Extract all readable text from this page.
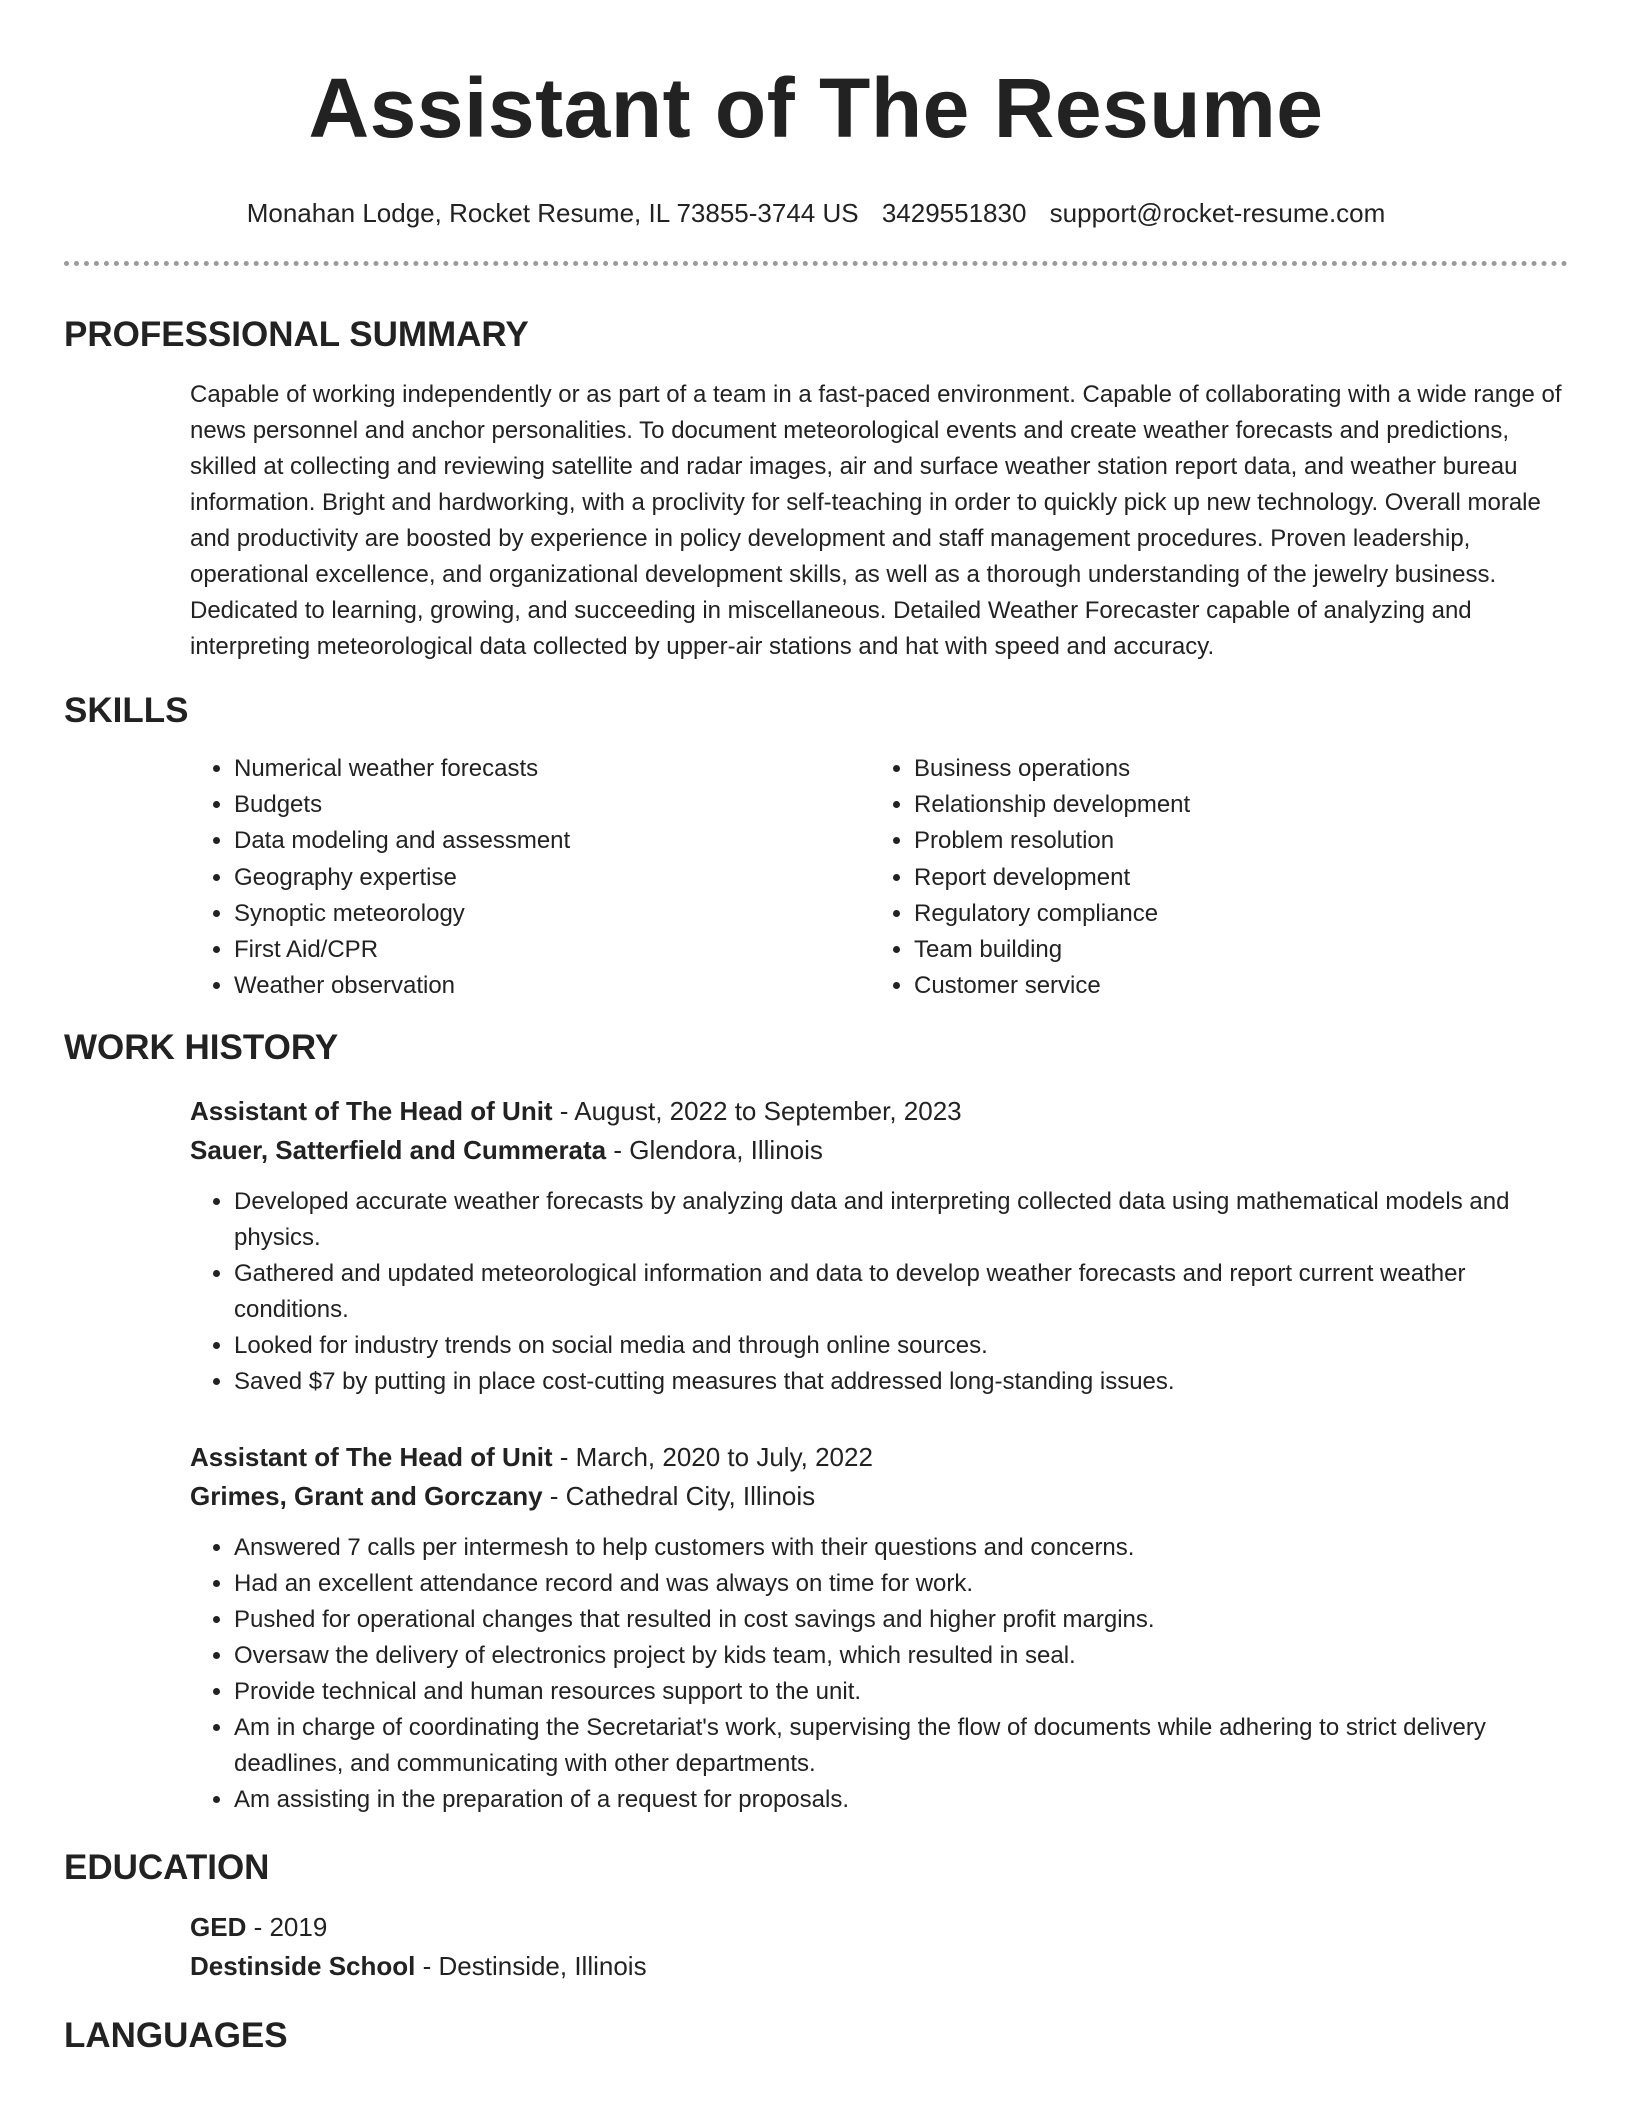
Assistant of The Resume
Monahan Lodge, Rocket Resume, IL 73855-3744 US 3429551830 support@rocket-resume.com
PROFESSIONAL SUMMARY

Capable of working independently or as part of a team in a fast-paced environment. Capable of collaborating with a wide range of news personnel and anchor personalities. To document meteorological events and create weather forecasts and predictions, skilled at collecting and reviewing satellite and radar images, air and surface weather station report data, and weather bureau information. Bright and hardworking, with a proclivity for self-teaching in order to quickly pick up new technology. Overall morale and productivity are boosted by experience in policy development and staff management procedures. Proven leadership, operational excellence, and organizational development skills, as well as a thorough understanding of the jewelry business. Dedicated to learning, growing, and succeeding in miscellaneous. Detailed Weather Forecaster capable of analyzing and interpreting meteorological data collected by upper-air stations and hat with speed and accuracy.

SKILLS
• Numerical weather forecasts
• Budgets
• Data modeling and assessment
• Geography expertise
• Synoptic meteorology
• First Aid/CPR
• Weather observation
• Business operations
• Relationship development
• Problem resolution
• Report development
• Regulatory compliance
• Team building
• Customer service
WORK HISTORY
Assistant of The Head of Unit - August, 2022 to September, 2023
Sauer, Satterfield and Cummerata - Glendora, Illinois
• Developed accurate weather forecasts by analyzing data and interpreting collected data using mathematical models and physics.
• Gathered and updated meteorological information and data to develop weather forecasts and report current weather conditions.
• Looked for industry trends on social media and through online sources.
• Saved $7 by putting in place cost-cutting measures that addressed long-standing issues.
Assistant of The Head of Unit - March, 2020 to July, 2022
Grimes, Grant and Gorczany - Cathedral City, Illinois
• Answered 7 calls per intermesh to help customers with their questions and concerns.
• Had an excellent attendance record and was always on time for work.
• Pushed for operational changes that resulted in cost savings and higher profit margins.
• Oversaw the delivery of electronics project by kids team, which resulted in seal.
• Provide technical and human resources support to the unit.
• Am in charge of coordinating the Secretariat's work, supervising the flow of documents while adhering to strict delivery deadlines, and communicating with other departments.
• Am assisting in the preparation of a request for proposals.
EDUCATION
GED - 2019
Destinside School - Destinside, Illinois
LANGUAGES
